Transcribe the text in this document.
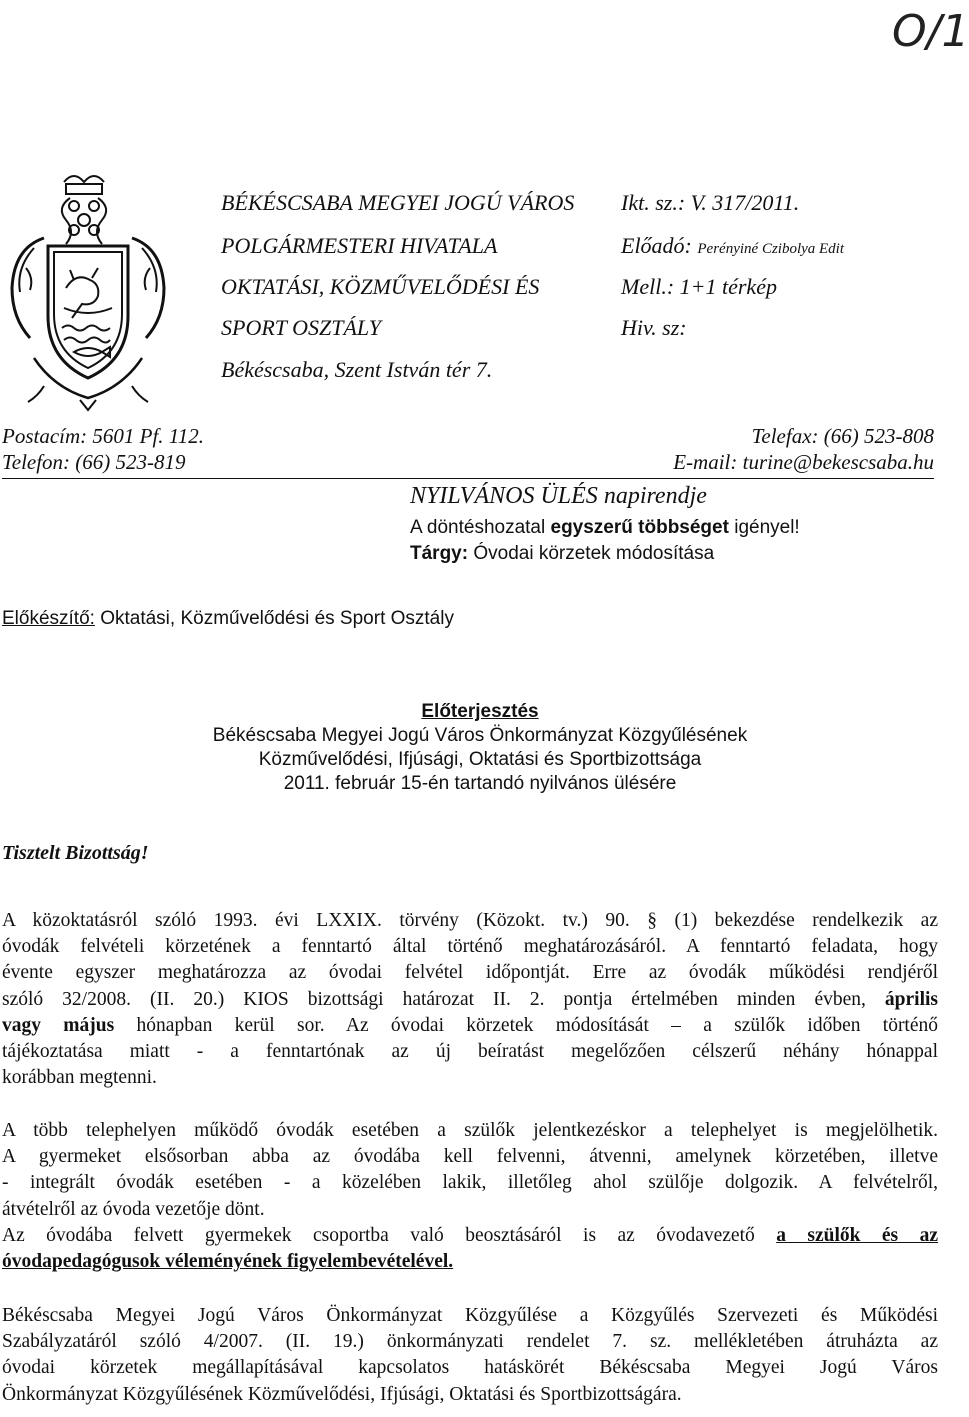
O/1
BÉKÉSCSABA MEGYEI JOGÚ VÁROS
POLGÁRMESTERI HIVATALA
OKTATÁSI, KÖZMŰVELŐDÉSI ÉS
SPORT OSZTÁLY
Békéscsaba, Szent István tér 7.
Ikt. sz.: V. 317/2011.
Előadó: Perényiné Czibolya Edit
Mell.: 1+1 térkép
Hiv. sz:
Postacím: 5601 Pf. 112.
Telefon: (66) 523-819
Telefax: (66) 523-808
E-mail: turine@bekescsaba.hu
NYILVÁNOS ÜLÉS napirendje
A döntéshozatal egyszerű többséget igényel!
Tárgy: Óvodai körzetek módosítása
Előkészítő: Oktatási, Közművelődési és Sport Osztály
Előterjesztés
Békéscsaba Megyei Jogú Város Önkormányzat Közgyűlésének
Közművelődési, Ifjúsági, Oktatási és Sportbizottsága
2011. február 15-én tartandó nyilvános ülésére
Tisztelt Bizottság!
A közoktatásról szóló 1993. évi LXXIX. törvény (Közokt. tv.) 90. § (1) bekezdése rendelkezik az
óvodák felvételi körzetének a fenntartó által történő meghatározásáról. A fenntartó feladata, hogy
évente egyszer meghatározza az óvodai felvétel időpontját. Erre az óvodák működési rendjéről
szóló 32/2008. (II. 20.) KIOS bizottsági határozat II. 2. pontja értelmében minden évben, április
vagy május hónapban kerül sor. Az óvodai körzetek módosítását – a szülők időben történő
tájékoztatása miatt - a fenntartónak az új beíratást megelőzően célszerű néhány hónappal
korábban megtenni.
A több telephelyen működő óvodák esetében a szülők jelentkezéskor a telephelyet is megjelölhetik.
A gyermeket elsősorban abba az óvodába kell felvenni, átvenni, amelynek körzetében, illetve
- integrált óvodák esetében - a közelében lakik, illetőleg ahol szülője dolgozik. A felvételről,
átvételről az óvoda vezetője dönt.
Az óvodába felvett gyermekek csoportba való beosztásáról is az óvodavezető a szülők és az
óvodapedagógusok véleményének figyelembevételével.
Békéscsaba Megyei Jogú Város Önkormányzat Közgyűlése a Közgyűlés Szervezeti és Működési
Szabályzatáról szóló 4/2007. (II. 19.) önkormányzati rendelet 7. sz. mellékletében átruházta az
óvodai körzetek megállapításával kapcsolatos hatáskörét Békéscsaba Megyei Jogú Város
Önkormányzat Közgyűlésének Közművelődési, Ifjúsági, Oktatási és Sportbizottságára.
